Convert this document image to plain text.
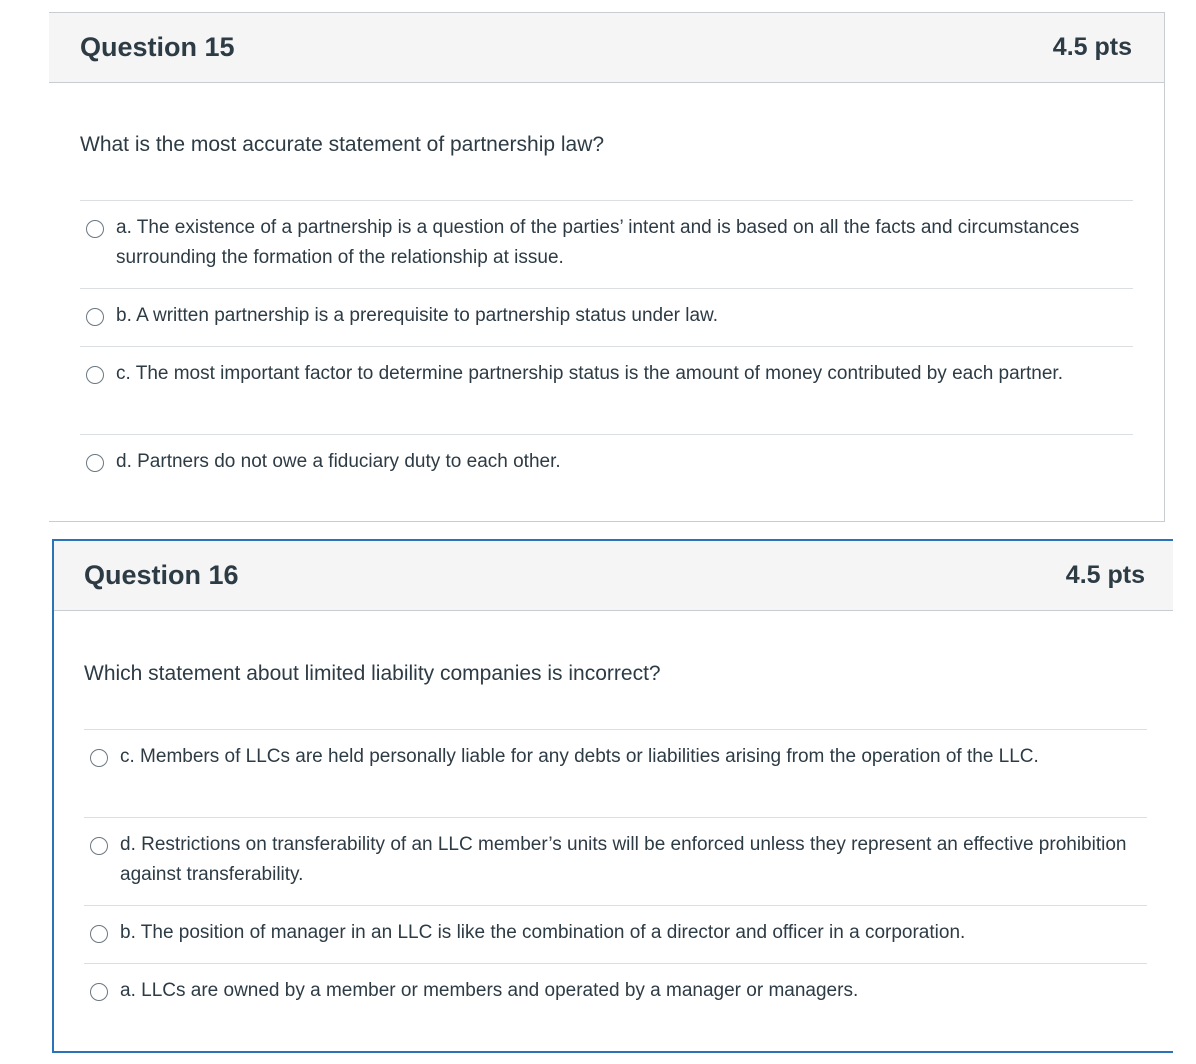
Question 15	4.5 pts
What is the most accurate statement of partnership law?
a. The existence of a partnership is a question of the parties’ intent and is based on all the facts and circumstances surrounding the formation of the relationship at issue.
b. A written partnership is a prerequisite to partnership status under law.
c. The most important factor to determine partnership status is the amount of money contributed by each partner.
d. Partners do not owe a fiduciary duty to each other.
Question 16	4.5 pts
Which statement about limited liability companies is incorrect?
c. Members of LLCs are held personally liable for any debts or liabilities arising from the operation of the LLC.
d. Restrictions on transferability of an LLC member’s units will be enforced unless they represent an effective prohibition against transferability.
b. The position of manager in an LLC is like the combination of a director and officer in a corporation.
a. LLCs are owned by a member or members and operated by a manager or managers.
